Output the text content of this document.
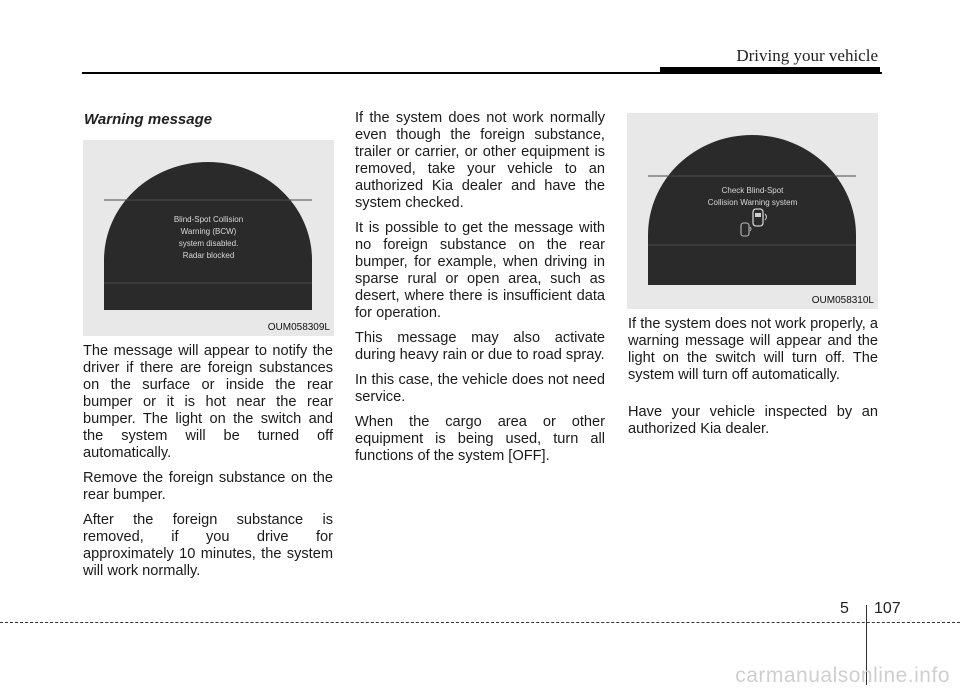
Driving your vehicle
Warning message
Blind-Spot Collision
Warning (BCW)
system disabled.
Radar blocked
OUM058309L

The message will appear to notify the driver if there are foreign substances on the surface or inside the rear bumper or it is hot near the rear bumper. The light on the switch and the system will be turned off automatically.

Remove the foreign substance on the rear bumper.

After the foreign substance is removed, if you drive for approximately 10 minutes, the system will work normally.

If the system does not work normally even though the foreign substance, trailer or carrier, or other equipment is removed, take your vehicle to an authorized Kia dealer and have the system checked.

It is possible to get the message with no foreign substance on the rear bumper, for example, when driving in sparse rural or open area, such as desert, where there is insufficient data for operation.

This message may also activate during heavy rain or due to road spray.

In this case, the vehicle does not need service.

When the cargo area or other equipment is being used, turn all functions of the system [OFF].

Check Blind-Spot
Collision Warning system
OUM058310L

If the system does not work properly, a warning message will appear and the light on the switch will turn off. The system will turn off automatically.

Have your vehicle inspected by an authorized Kia dealer.

5 107
carmanualsonline.info
